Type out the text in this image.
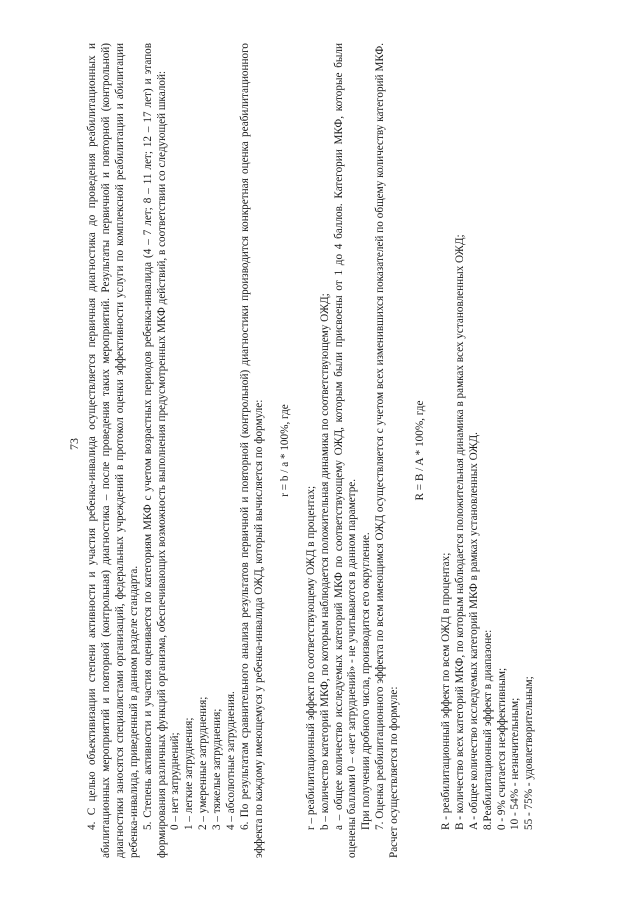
73 4. С целью объективизации степени активности и участия ребенка-инвалида осуществляется первичная диагностика до проведения реабилитационных и абилитационных мероприятий и повторной (контрольная) диагностика – после проведения таких мероприятий. Результаты первичной и повторной (контрольной) диагностики заносятся специалистами организаций, федеральных учреждений в протокол оценки эффективности услуги по комплексной реабилитации и абилитации ребенка-инвалида, приведенный в данном разделе стандарта. 5. Степень активности и участия оценивается по категориям МКФ с учетом возрастных периодов ребенка-инвалида (4 – 7 лет; 8 – 11 лет; 12 – 17 лет) и этапов формирования различных функций организма, обеспечивающих возможность выполнения предусмотренных МКФ действий, в соответствии со следующей шкалой: 0 – нет затруднений; 1 – легкие затруднения; 2 – умеренные затруднения; 3 – тяжелые затруднения; 4 – абсолютные затруднения. 6. По результатам сравнительного анализа результатов первичной и повторной (контрольной) диагностики производится конкретная оценка реабилитационного эффекта по каждому имеющемуся у ребенка-инвалида ОЖД, который вычисляется по формуле: r = b / a * 100%, где

r – реабилитационный эффект по соответствующему ОЖД в процентах; b – количество категорий МКФ, по которым наблюдается положительная динамика по соответствующему ОЖД; a – общее количество исследуемых категорий МКФ по соответствующему ОЖД, которым были присвоены от 1 до 4 баллов. Категории МКФ, которые были оценены баллами 0 – «нет затруднений» - не учитываются в данном параметре. При получении дробного числа, производится его округление. 7. Оценка реабилитационного эффекта по всем имеющимся ОЖД осуществляется с учетом всех изменившихся показателей по общему количеству категорий МКФ. Расчет осуществляется по формуле:

R = B / A * 100%, где

R - реабилитационный эффект по всем ОЖД в процентах; B - количество всех категорий МКФ, по которым наблюдается положительная динамика в рамках всех установленных ОЖД; A - общее количество исследуемых категорий МКФ в рамках установленных ОЖД. 8.Реабилитационный эффект в диапазоне: 0 - 9% считается неэффективным; 10 - 54% - незначительным; 55 - 75% - удовлетворительным;
